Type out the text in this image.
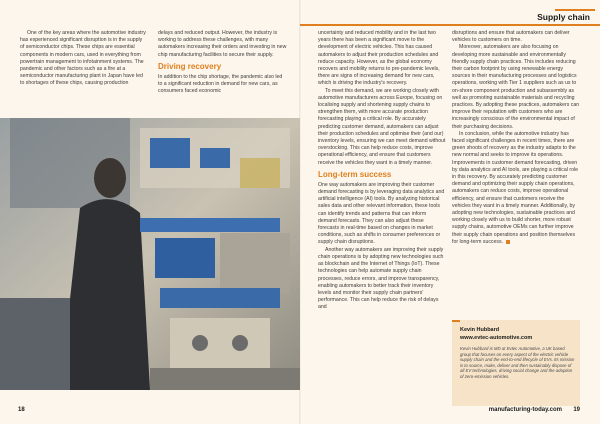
Supply chain

One of the key areas where the automotive industry has experienced significant disruption is in the supply of semiconductor chips. These chips are essential components in modern cars, used in everything from powertrain management to infotainment systems. The pandemic and other factors such as a fire at a semiconductor manufacturing plant in Japan have led to shortages of these chips, causing production

delays and reduced output. However, the industry is working to address these challenges, with many automakers increasing their orders and investing in new chip manufacturing facilities to secure their supply.

Driving recovery

In addition to the chip shortage, the pandemic also led to a significant reduction in demand for new cars, as consumers faced economic

uncertainty and reduced mobility and in the last two years there has been a significant move to the development of electric vehicles. This has caused automakers to adjust their production schedules and reduce capacity. However, as the global economy recovers and mobility returns to pre-pandemic levels, there are signs of increasing demand for new cars, which is driving the industry's recovery.

To meet this demand, we are working closely with automotive manufacturers across Europe, focusing on localising supply and shortening supply chains to strengthen them, with more accurate production forecasting playing a critical role. By accurately predicting customer demand, automakers can adjust their production schedules and optimise their (and our) inventory levels, ensuring we can meet demand without overstocking. This can help reduce costs, improve operational efficiency, and ensure that customers receive the vehicles they want in a timely manner.

Long-term success

One way automakers are improving their customer demand forecasting is by leveraging data analytics and artificial intelligence (AI) tools. By analyzing historical sales data and other relevant information, these tools can identify trends and patterns that can inform demand forecasts. They can also adjust these forecasts in real-time based on changes in market conditions, such as shifts in consumer preferences or supply chain disruptions.

Another way automakers are improving their supply chain operations is by adopting new technologies such as blockchain and the Internet of Things (IoT). These technologies can help automate supply chain processes, reduce errors, and improve transparency, enabling automakers to better track their inventory levels and monitor their supply chain partners' performance. This can help reduce the risk of delays and

disruptions and ensure that automakers can deliver vehicles to customers on time.

Moreover, automakers are also focusing on developing more sustainable and environmentally friendly supply chain practices. This includes reducing their carbon footprint by using renewable energy sources in their manufacturing processes and logistics operations, working with Tier 1 suppliers such as us to on-shore component production and subassembly as well as promoting sustainable materials and recycling practices. By adopting these practices, automakers can improve their reputation with customers who are increasingly conscious of the environmental impact of their purchasing decisions.

In conclusion, while the automotive industry has faced significant challenges in recent times, there are green shoots of recovery as the industry adapts to the new normal and seeks to improve its operations. Improvements in customer demand forecasting, driven by data analytics and AI tools, are playing a critical role in this recovery. By accurately predicting customer demand and optimizing their supply chain operations, automakers can reduce costs, improve operational efficiency, and ensure that customers receive the vehicles they want in a timely manner. Additionally, by adopting new technologies, sustainable practices and working closely with us to build shorter, more robust supply chains, automotive OEMs can further improve their supply chain operations and position themselves for long-term success.

Kevin Hubbard
www.evtec-automotive.com
Kevin Hubbard is MD at Evtec Automotive, a UK based group that focuses on every aspect of the electric vehicle supply chain and the end-to-end lifecycle of EVs. Its mission is to source, make, deliver and then sustainably dispose of all EV technologies, driving social change and the adoption of zero-emission vehicles.
18	manufacturing-today.com 19
